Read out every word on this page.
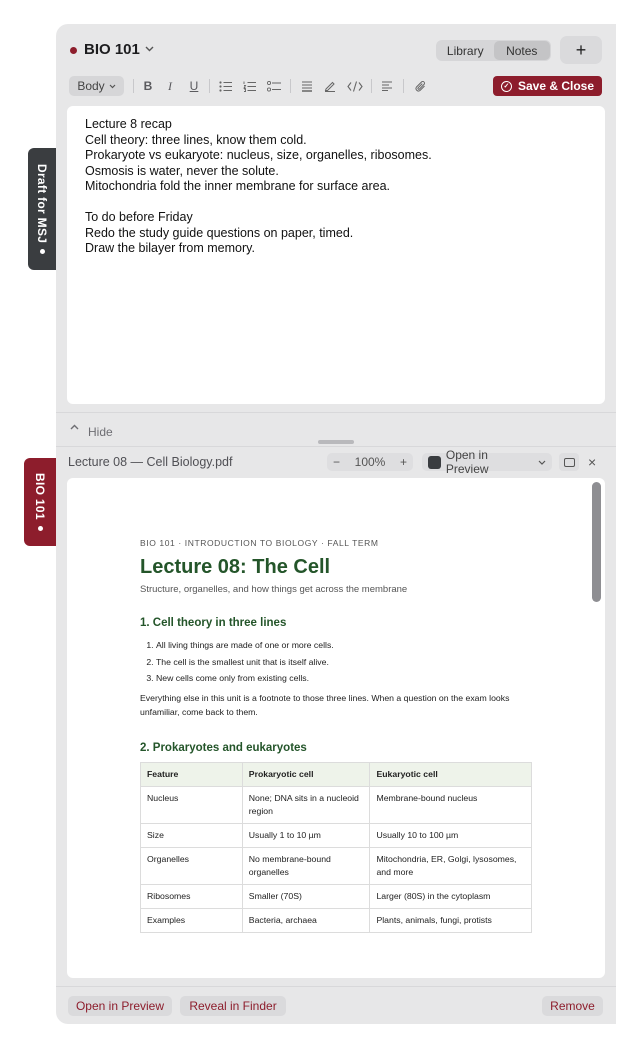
Draft for MSJ
BIO 101
BIO 101	Library	Notes	+
Body	B	I	U	✓ Save & Close
Lecture 8 recap
Cell theory: three lines, know them cold.
Prokaryote vs eukaryote: nucleus, size, organelles, ribosomes.
Osmosis is water, never the solute.
Mitochondria fold the inner membrane for surface area.
To do before Friday
Redo the study guide questions on paper, timed.
Draw the bilayer from memory.
Hide
Lecture 08 — Cell Biology.pdf	− 100% +	Open in Preview	×
BIO 101 · INTRODUCTION TO BIOLOGY · FALL TERM
Lecture 08: The Cell
Structure, organelles, and how things get across the membrane
1. Cell theory in three lines
1. All living things are made of one or more cells.
2. The cell is the smallest unit that is itself alive.
3. New cells come only from existing cells.
Everything else in this unit is a footnote to those three lines. When a question on the exam looks unfamiliar, come back to them.
2. Prokaryotes and eukaryotes
Feature	Prokaryotic cell	Eukaryotic cell
Nucleus	None; DNA sits in a nucleoid region	Membrane-bound nucleus
Size	Usually 1 to 10 µm	Usually 10 to 100 µm
Organelles	No membrane-bound organelles	Mitochondria, ER, Golgi, lysosomes, and more
Ribosomes	Smaller (70S)	Larger (80S) in the cytoplasm
Examples	Bacteria, archaea	Plants, animals, fungi, protists
Open in Preview	Reveal in Finder	Remove
